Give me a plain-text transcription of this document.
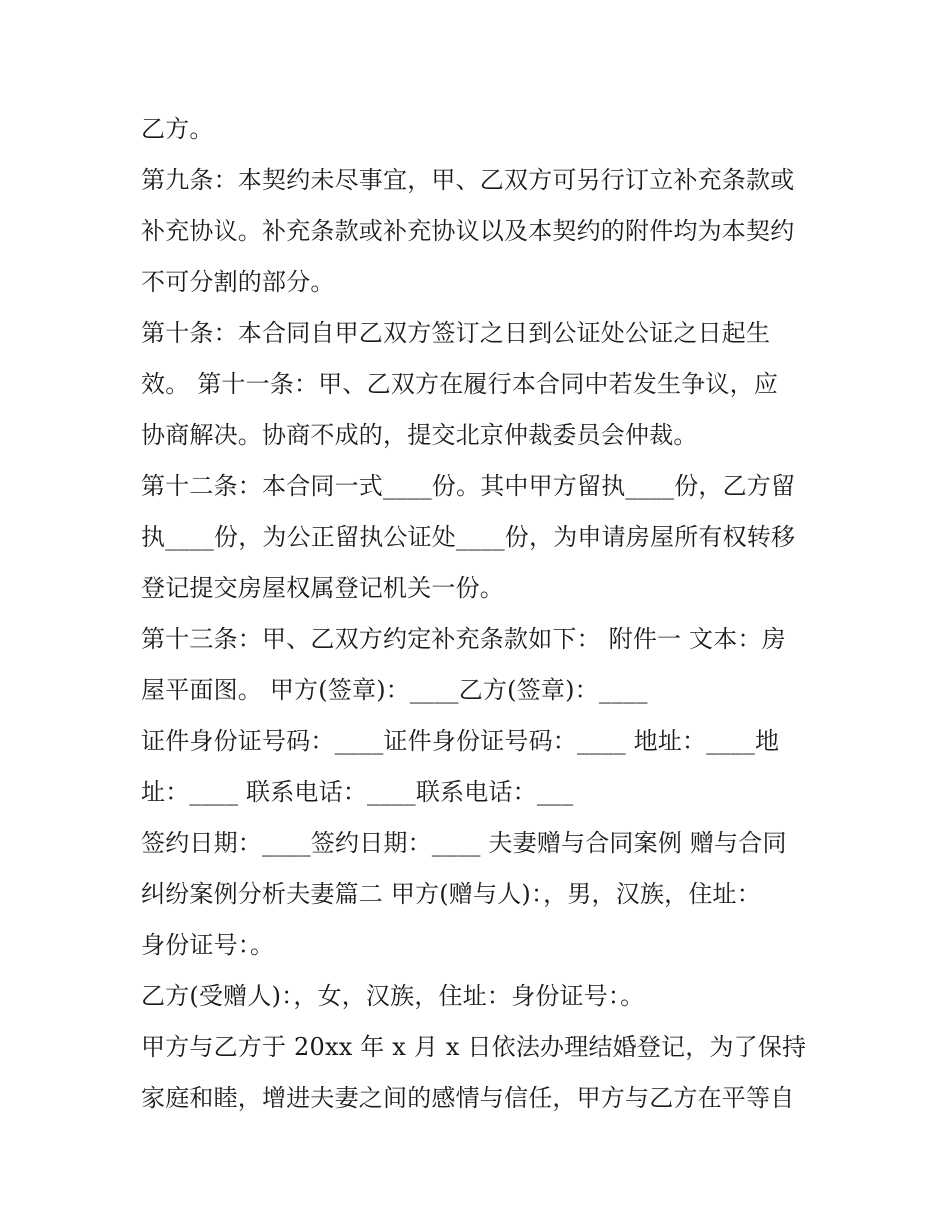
乙方。
第九条：本契约未尽事宜，甲、乙双方可另行订立补充条款或
补充协议。补充条款或补充协议以及本契约的附件均为本契约
不可分割的部分。
第十条：本合同自甲乙双方签订之日到公证处公证之日起生
效。 第十一条：甲、乙双方在履行本合同中若发生争议，应
协商解决。协商不成的，提交北京仲裁委员会仲裁。
第十二条：本合同一式____份。其中甲方留执____份，乙方留
执____份，为公正留执公证处____份，为申请房屋所有权转移
登记提交房屋权属登记机关一份。
第十三条：甲、乙双方约定补充条款如下： 附件一 文本：房
屋平面图。 甲方(签章)：____乙方(签章)：____
证件身份证号码：____证件身份证号码：____ 地址：____地
址：____ 联系电话：____联系电话：___
签约日期：____签约日期：____ 夫妻赠与合同案例 赠与合同
纠纷案例分析夫妻篇二 甲方(赠与人)：，男，汉族，住址：
身份证号：。
乙方(受赠人)：，女，汉族，住址：身份证号：。
甲方与乙方于 20xx 年 x 月 x 日依法办理结婚登记，为了保持
家庭和睦，增进夫妻之间的感情与信任，甲方与乙方在平等自
